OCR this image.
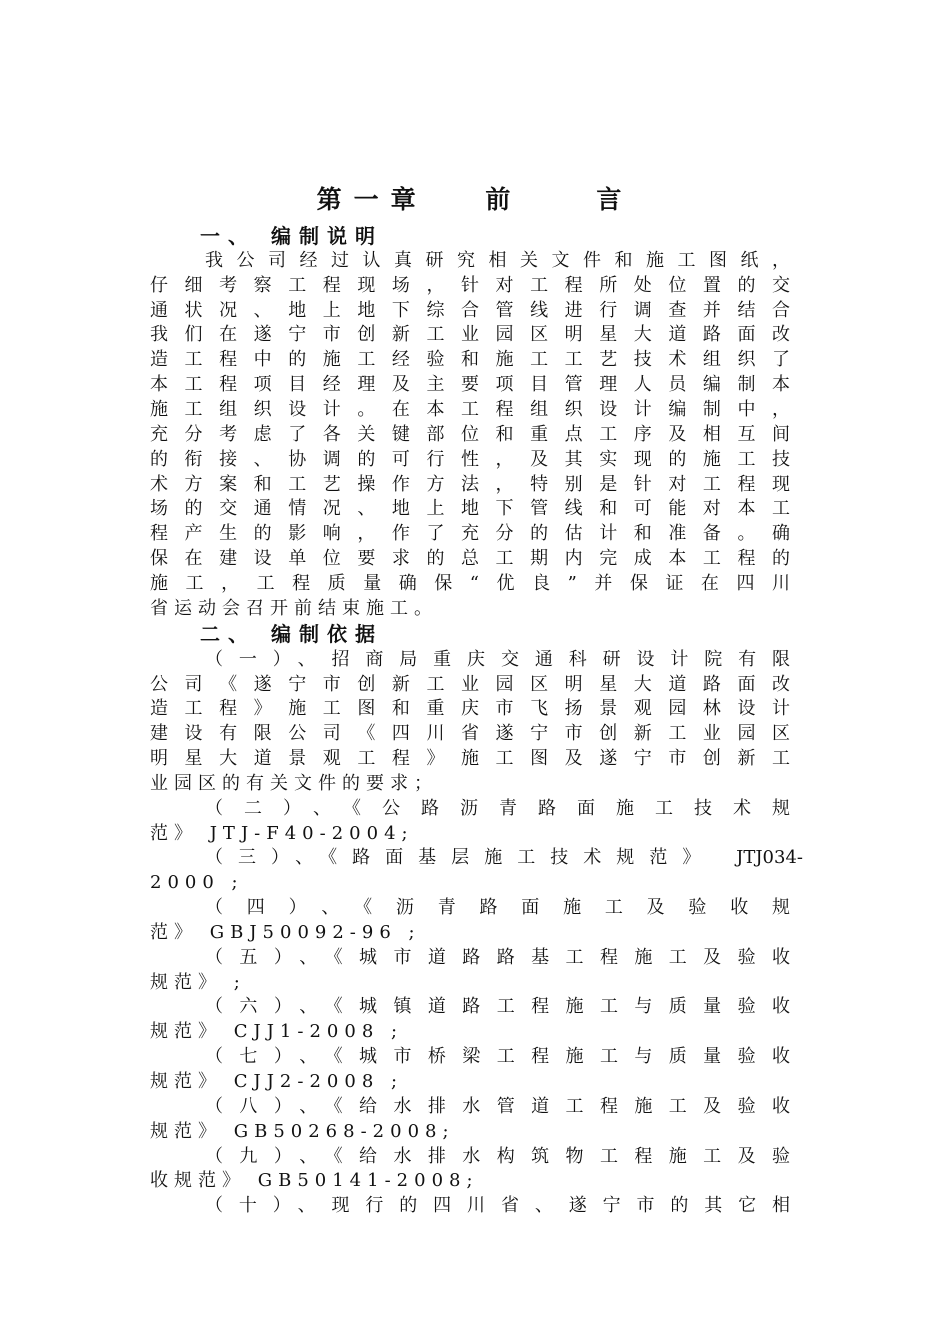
第一章　 前　　言
一、 编制说明
我公司经过认真研究相关文件和施工图纸，
仔细考察工程现场，针对工程所处位置的交
通状况、地上地下综合管线进行调查并结合
我们在遂宁市创新工业园区明星大道路面改
造工程中的施工经验和施工工艺技术组织了
本工程项目经理及主要项目管理人员编制本
施工组织设计。在本工程组织设计编制中，
充分考虑了各关键部位和重点工序及相互间
的衔接、协调的可行性，及其实现的施工技
术方案和工艺操作方法，特别是针对工程现
场的交通情况、地上地下管线和可能对本工
程产生的影响，作了充分的估计和准备。确
保在建设单位要求的总工期内完成本工程的
施工，工程质量确保“优良”并保证在四川
省运动会召开前结束施工。
二、 编制依据
（一）、招商局重庆交通科研设计院有限
公司《遂宁市创新工业园区明星大道路面改
造工程》施工图和重庆市飞扬景观园林设计
建设有限公司《四川省遂宁市创新工业园区
明星大道景观工程》施工图及遂宁市创新工
业园区的有关文件的要求；
（二）、《公路沥青路面施工技术规
范》 JTJ-F40-2004;
（三）、《路面基层施工技术规范》 JTJ034-
2000 ;
（四）、《沥青路面施工及验收规
范》 GBJ50092-96 ;
（五）、《城市道路路基工程施工及验收
规范》 ;
（六）、《城镇道路工程施工与质量验收
规范》 CJJ1-2008 ;
（七）、《城市桥梁工程施工与质量验收
规范》 CJJ2-2008 ;
（八）、《给水排水管道工程施工及验收
规范》 GB50268-2008;
（九）、《给水排水构筑物工程施工及验
收规范》 GB50141-2008;
（十）、现行的四川省、遂宁市的其它相
